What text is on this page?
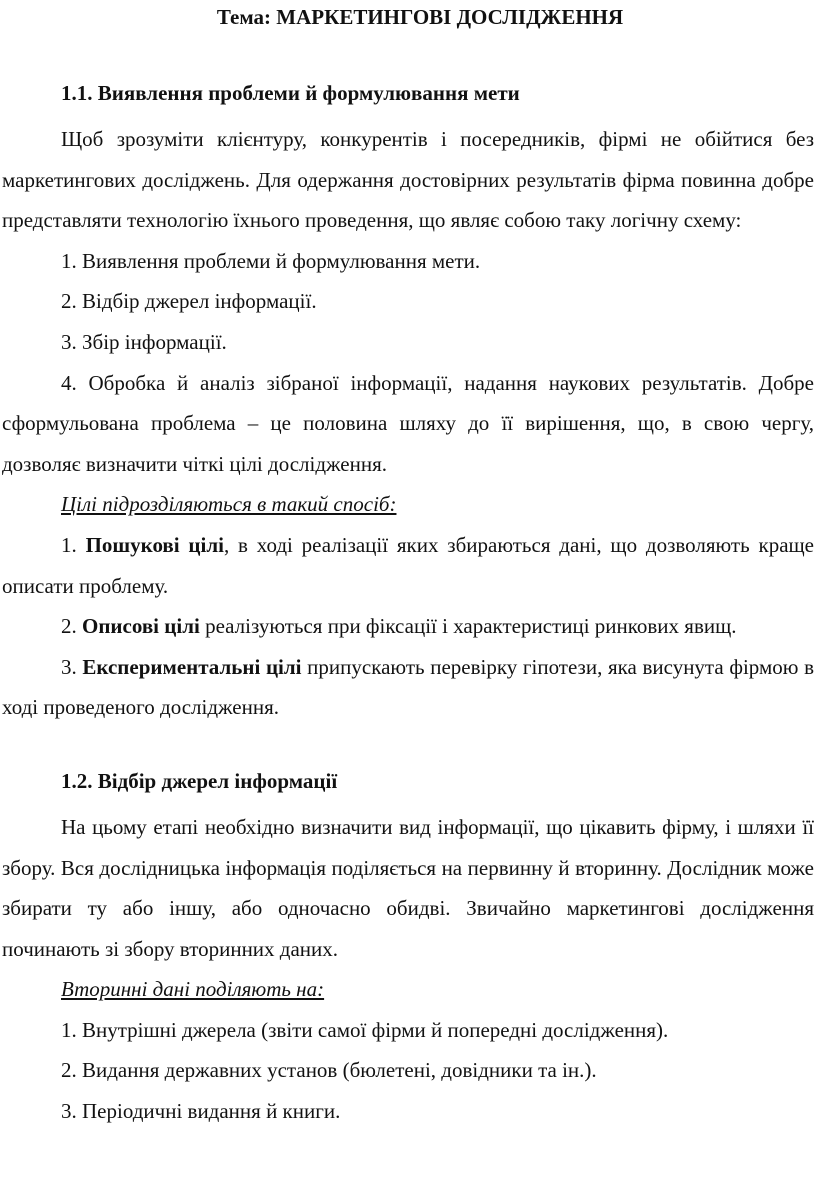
Тема: МАРКЕТИНГОВІ ДОСЛІДЖЕННЯ
1.1. Виявлення проблеми й формулювання мети

Щоб зрозуміти клієнтуру, конкурентів і посередників, фірмі не обійтися без маркетингових досліджень. Для одержання достовірних результатів фірма повинна добре представляти технологію їхнього проведення, що являє собою таку логічну схему:

1. Виявлення проблеми й формулювання мети.

2. Відбір джерел інформації.

3. Збір інформації.

4. Обробка й аналіз зібраної інформації, надання наукових результатів. Добре сформульована проблема – це половина шляху до її вирішення, що, в свою чергу, дозволяє визначити чіткі цілі дослідження.

Цілі підрозділяються в такий спосіб:

1. Пошукові цілі, в ході реалізації яких збираються дані, що дозволяють краще описати проблему.

2. Описові цілі реалізуються при фіксації і характеристиці ринкових явищ.

3. Експериментальні цілі припускають перевірку гіпотези, яка висунута фірмою в ході проведеного дослідження.

1.2. Відбір джерел інформації

На цьому етапі необхідно визначити вид інформації, що цікавить фірму, і шляхи її збору. Вся дослідницька інформація поділяється на первинну й вторинну. Дослідник може збирати ту або іншу, або одночасно обидві. Звичайно маркетингові дослідження починають зі збору вторинних даних.

Вторинні дані поділяють на:

1. Внутрішні джерела (звіти самої фірми й попередні дослідження).

2. Видання державних установ (бюлетені, довідники та ін.).

3. Періодичні видання й книги.
